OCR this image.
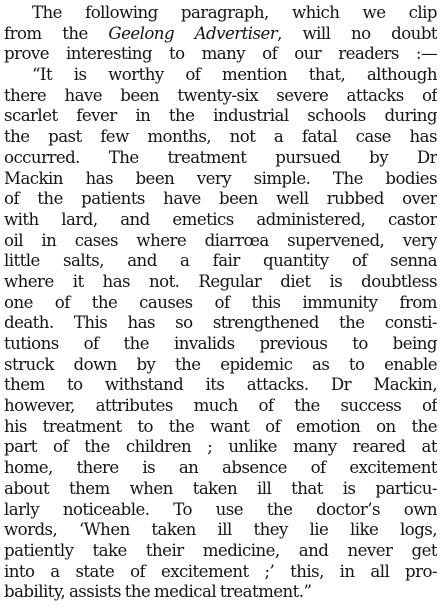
The following paragraph, which we clip
from the Geelong Advertiser, will no doubt
prove interesting to many of our readers :—
“It is worthy of mention that, although
there have been twenty-six severe attacks of
scarlet fever in the industrial schools during
the past few months, not a fatal case has
occurred. The treatment pursued by Dr
Mackin has been very simple. The bodies
of the patients have been well rubbed over
with lard, and emetics administered, castor
oil in cases where diarrœa supervened, very
little salts, and a fair quantity of senna
where it has not. Regular diet is doubtless
one of the causes of this immunity from
death. This has so strengthened the consti-
tutions of the invalids previous to being
struck down by the epidemic as to enable
them to withstand its attacks. Dr Mackin,
however, attributes much of the success of
his treatment to the want of emotion on the
part of the children ; unlike many reared at
home, there is an absence of excitement
about them when taken ill that is particu-
larly noticeable. To use the doctor’s own
words, ‘When taken ill they lie like logs,
patiently take their medicine, and never get
into a state of excitement ;’ this, in all pro-
bability, assists the medical treatment.”
